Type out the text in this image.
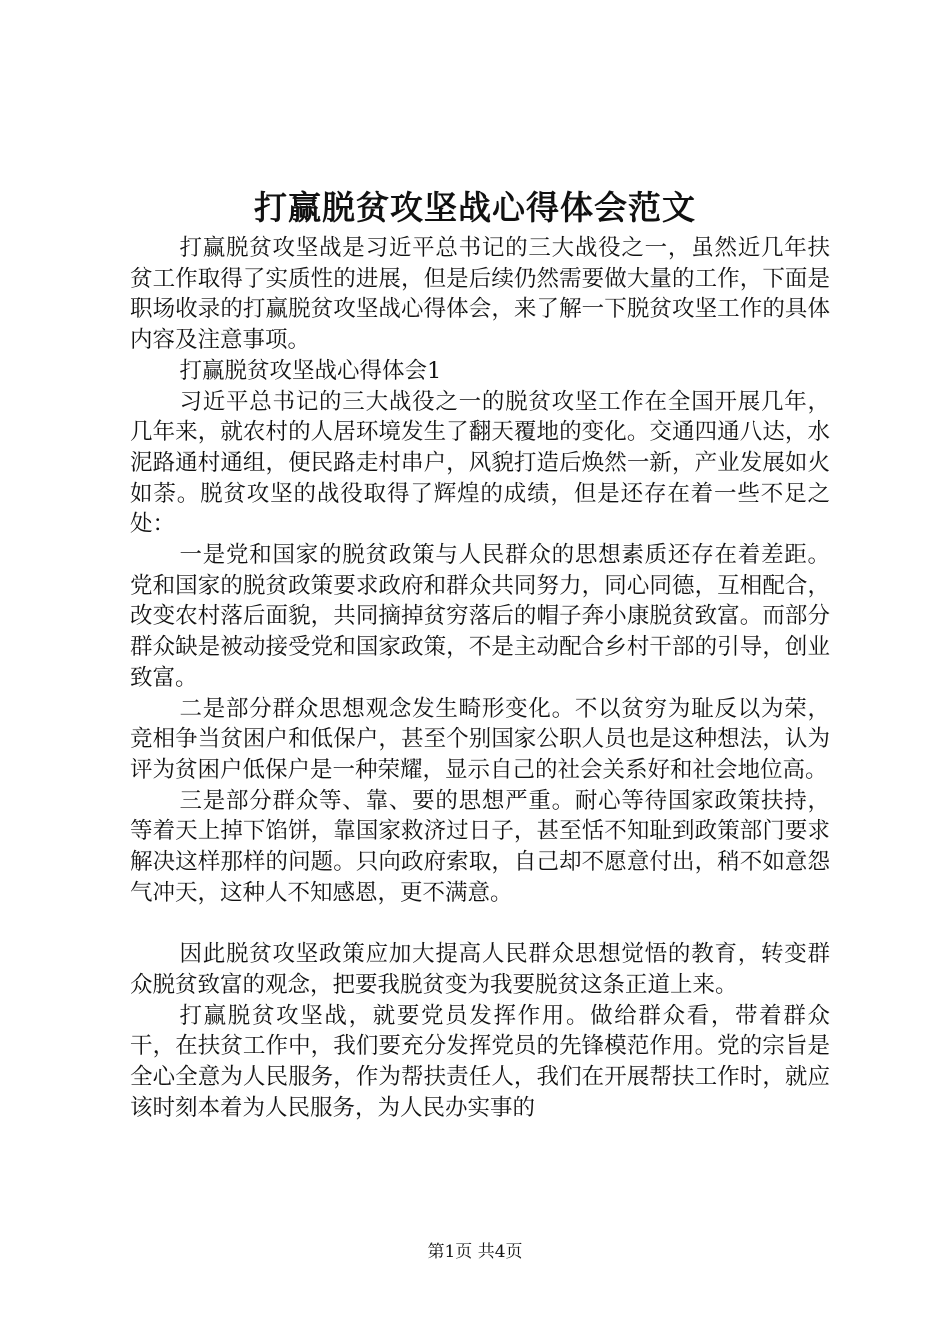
打赢脱贫攻坚战心得体会范文

打赢脱贫攻坚战是习近平总书记的三大战役之一，虽然近几年扶贫工作取得了实质性的进展，但是后续仍然需要做大量的工作，下面是职场收录的打赢脱贫攻坚战心得体会，来了解一下脱贫攻坚工作的具体内容及注意事项。

打赢脱贫攻坚战心得体会1

习近平总书记的三大战役之一的脱贫攻坚工作在全国开展几年，几年来，就农村的人居环境发生了翻天覆地的变化。交通四通八达，水泥路通村通组，便民路走村串户，风貌打造后焕然一新，产业发展如火如荼。脱贫攻坚的战役取得了辉煌的成绩，但是还存在着一些不足之处：

一是党和国家的脱贫政策与人民群众的思想素质还存在着差距。党和国家的脱贫政策要求政府和群众共同努力，同心同德，互相配合，改变农村落后面貌，共同摘掉贫穷落后的帽子奔小康脱贫致富。而部分群众缺是被动接受党和国家政策，不是主动配合乡村干部的引导，创业致富。

二是部分群众思想观念发生畸形变化。不以贫穷为耻反以为荣，竞相争当贫困户和低保户，甚至个别国家公职人员也是这种想法，认为评为贫困户低保户是一种荣耀，显示自己的社会关系好和社会地位高。

三是部分群众等、靠、要的思想严重。耐心等待国家政策扶持，等着天上掉下馅饼，靠国家救济过日子，甚至恬不知耻到政策部门要求解决这样那样的问题。只向政府索取，自己却不愿意付出，稍不如意怨气冲天，这种人不知感恩，更不满意。

因此脱贫攻坚政策应加大提高人民群众思想觉悟的教育，转变群众脱贫致富的观念，把要我脱贫变为我要脱贫这条正道上来。

打赢脱贫攻坚战，就要党员发挥作用。做给群众看，带着群众干，在扶贫工作中，我们要充分发挥党员的先锋模范作用。党的宗旨是全心全意为人民服务，作为帮扶责任人，我们在开展帮扶工作时，就应该时刻本着为人民服务，为人民办实事的

第1页 共4页
